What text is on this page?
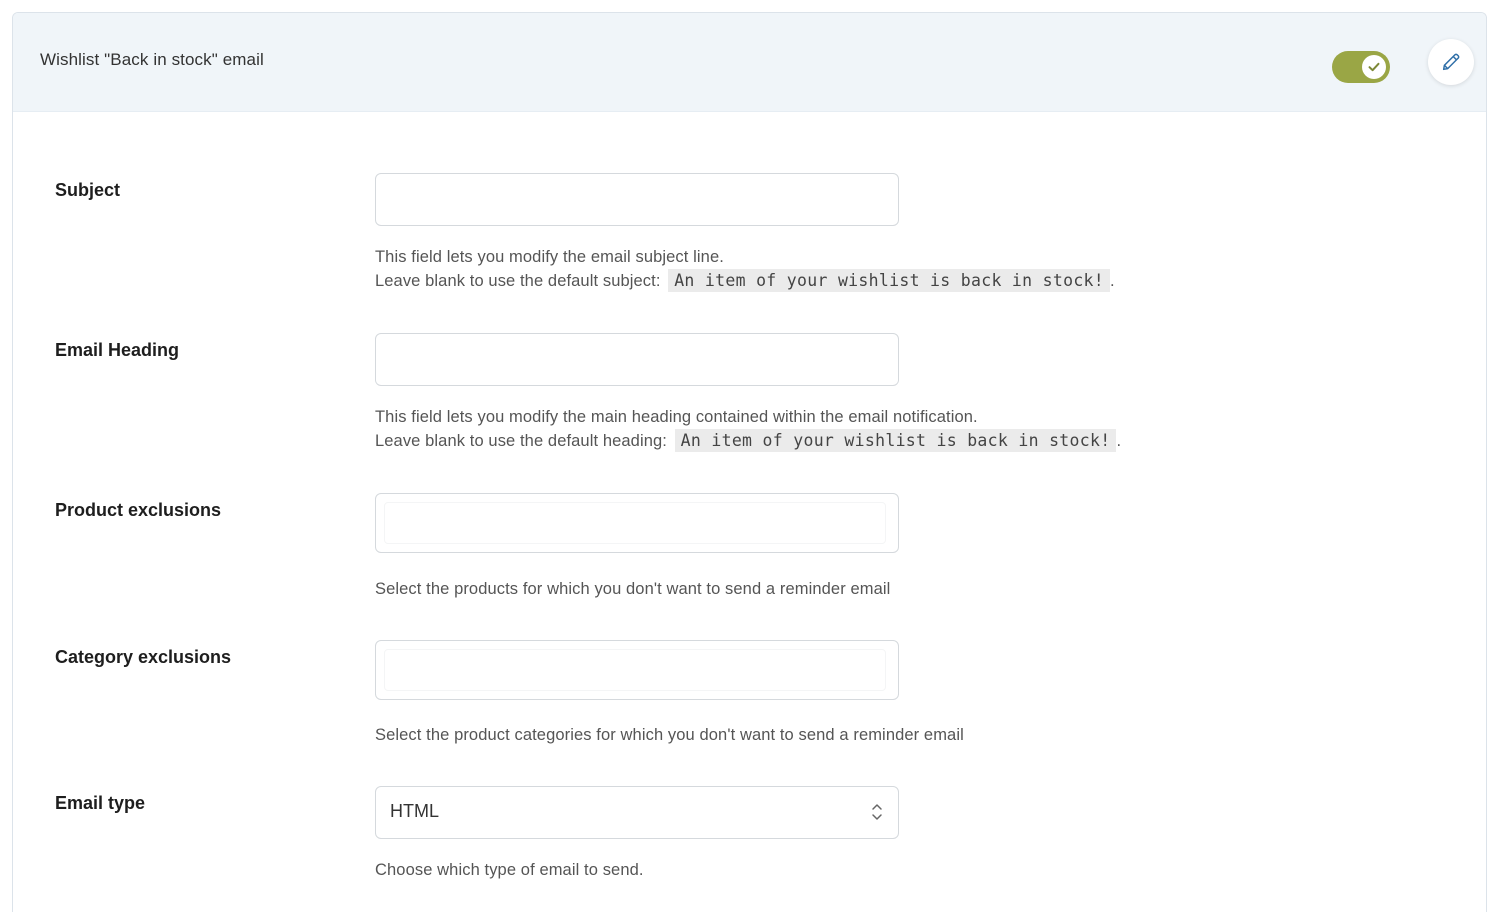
Wishlist "Back in stock" email
Subject
This field lets you modify the email subject line.
Leave blank to use the default subject: An item of your wishlist is back in stock! .
Email Heading
This field lets you modify the main heading contained within the email notification.
Leave blank to use the default heading: An item of your wishlist is back in stock! .
Product exclusions
Select the products for which you don't want to send a reminder email
Category exclusions
Select the product categories for which you don't want to send a reminder email
Email type	HTML
Choose which type of email to send.
